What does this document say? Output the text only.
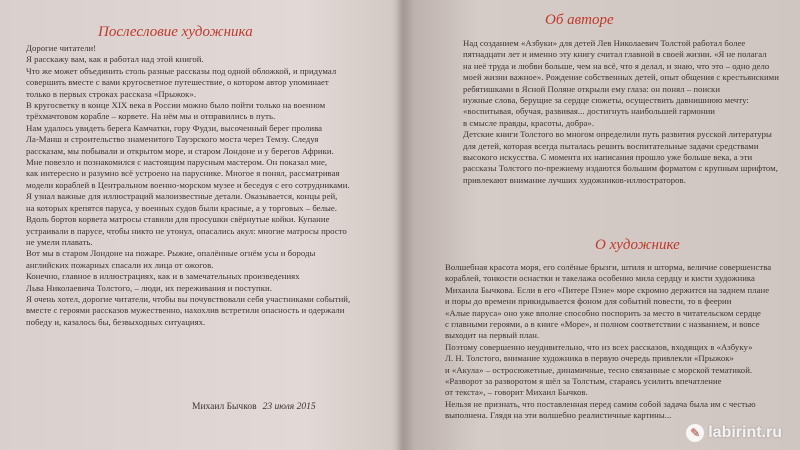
Послесловие художника
Дорогие читатели!
Я расскажу вам, как я работал над этой книгой.
Что же может объединить столь разные рассказы под одной обложкой, и придумал
совершить вместе с вами кругосветное путешествие, о котором автор упоминает
только в первых строках рассказа «Прыжок».
В кругосветку в конце XIX века в России можно было пойти только на военном
трёхмачтовом корабле – корвете. На нём мы и отправились в путь.
Нам удалось увидеть берега Камчатки, гору Фудзи, высоченный берег пролива
Ла-Манш и строительство знаменитого Тауэрского моста через Темзу. Следуя
рассказам, мы побывали и открытом море, и старом Лондоне и у берегов Африки.
Мне повезло и познакомился с настоящим парусным мастером. Он показал мне,
как интересно и разумно всё устроено на паруснике. Многое я понял, рассматривая
модели кораблей в Центральном военно-морском музее и беседуя с его сотрудниками.
Я узнал важные для иллюстраций малоизвестные детали. Оказывается, концы рей,
на которых крепятся паруса, у военных судов были красные, а у торговых – белые.
Вдоль бортов корвета матросы ставили для просушки свёрнутые койки. Купание
устраивали в парусе, чтобы никто не утонул, опасались акул: многие матросы просто
не умели плавать.
Вот мы в старом Лондоне на пожаре. Рыжие, опалённые огнём усы и бороды
английских пожарных спасали их лица от ожогов.
Конечно, главное в иллюстрациях, как и в замечательных произведениях
Льва Николаевича Толстого, – люди, их переживания и поступки.
Я очень хотел, дорогие читатели, чтобы вы почувствовали себя участниками событий,
вместе с героями рассказов мужественно, нахохлив встретили опасность и одержали
победу и, казалось бы, безвыходных ситуациях.
Михаил Бычков 23 июля 2015
Об авторе
Над созданием «Азбуки» для детей Лев Николаевич Толстой работал более
пятнадцати лет и именно эту книгу считал главной в своей жизни. «Я не полагал
на неё труда и любви больше, чем на всё, что я делал, и знаю, что это – одно дело
моей жизни важное». Рождение собственных детей, опыт общения с крестьянскими
ребятишками в Ясной Поляне открыли ему глаза: он понял – поиски
нужные слова, берущие за сердце сюжеты, осуществить давнишнюю мечту:
«воспитывая, обучая, развивая... достигнуть наибольшей гармонии
в смысле правды, красоты, добра».
Детские книги Толстого во многом определили путь развития русской литературы
для детей, которая всегда пыталась решить воспитательные задачи средствами
высокого искусства. С момента их написания прошло уже больше века, а эти
рассказы Толстого по-прежнему издаются большим форматом с крупным шрифтом,
привлекают внимание лучших художников-иллюстраторов.
О художнике
Волшебная красота моря, его солёные брызги, штиля и шторма, величие совершенства
кораблей, тонкости оснастки и такелажа особенно мила сердцу и кисти художника
Михаила Бычкова. Если в его «Питере Пэне» море скромно держится на заднем плане
и поры до времени прикидывается фоном для событий повести, то в феерии
«Алые паруса» оно уже вполне способно поспорить за место в читательском сердце
с главными героями, а в книге «Море», и полном соответствии с названием, и вовсе
выходит на первый план.
Поэтому совершенно неудивительно, что из всех рассказов, входящих в «Азбуку»
Л. Н. Толстого, внимание художника в первую очередь привлекли «Прыжок»
и «Акула» – остросюжетные, динамичные, тесно связанные с морской тематикой.
«Разворот за разворотом я шёл за Толстым, стараясь усилить впечатление
от текста», – говорит Михаил Бычков.
Нельзя не признать, что поставленная перед самим собой задача была им с честью
выполнена. Глядя на эти волшебно реалистичные картины...
✎ labirint.ru
